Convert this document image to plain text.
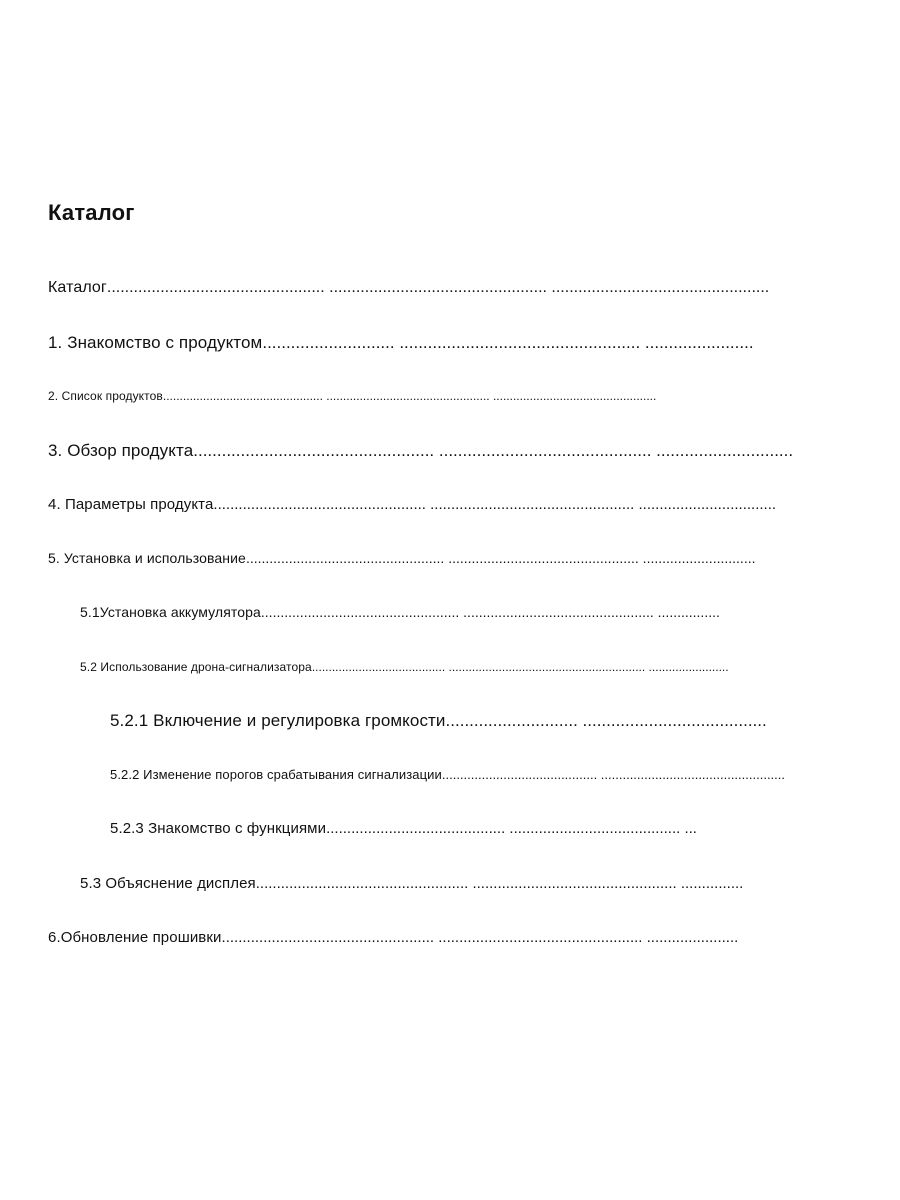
Каталог
Каталог................................................. ................................................. .................................................
1. Знакомство с продуктом............................ ................................................... .......................
2. Список продуктов................................................ ................................................. .................................................
3. Обзор продукта................................................... ............................................. .............................
4. Параметры продукта................................................... ................................................. .................................
5. Установка и использование................................................... ................................................. .............................
5.1Установка аккумулятора................................................... ................................................. ................
5.2 Использование дрона-сигнализатора........................................ ........................................................... ........................
5.2.1 Включение и регулировка громкости............................ .......................................
5.2.2 Изменение порогов срабатывания сигнализации........................................... ...................................................
5.2.3 Знакомство с функциями........................................... ......................................... ...
5.3 Объяснение дисплея................................................... ................................................. ...............
6.Обновление прошивки................................................... ................................................. ......................
